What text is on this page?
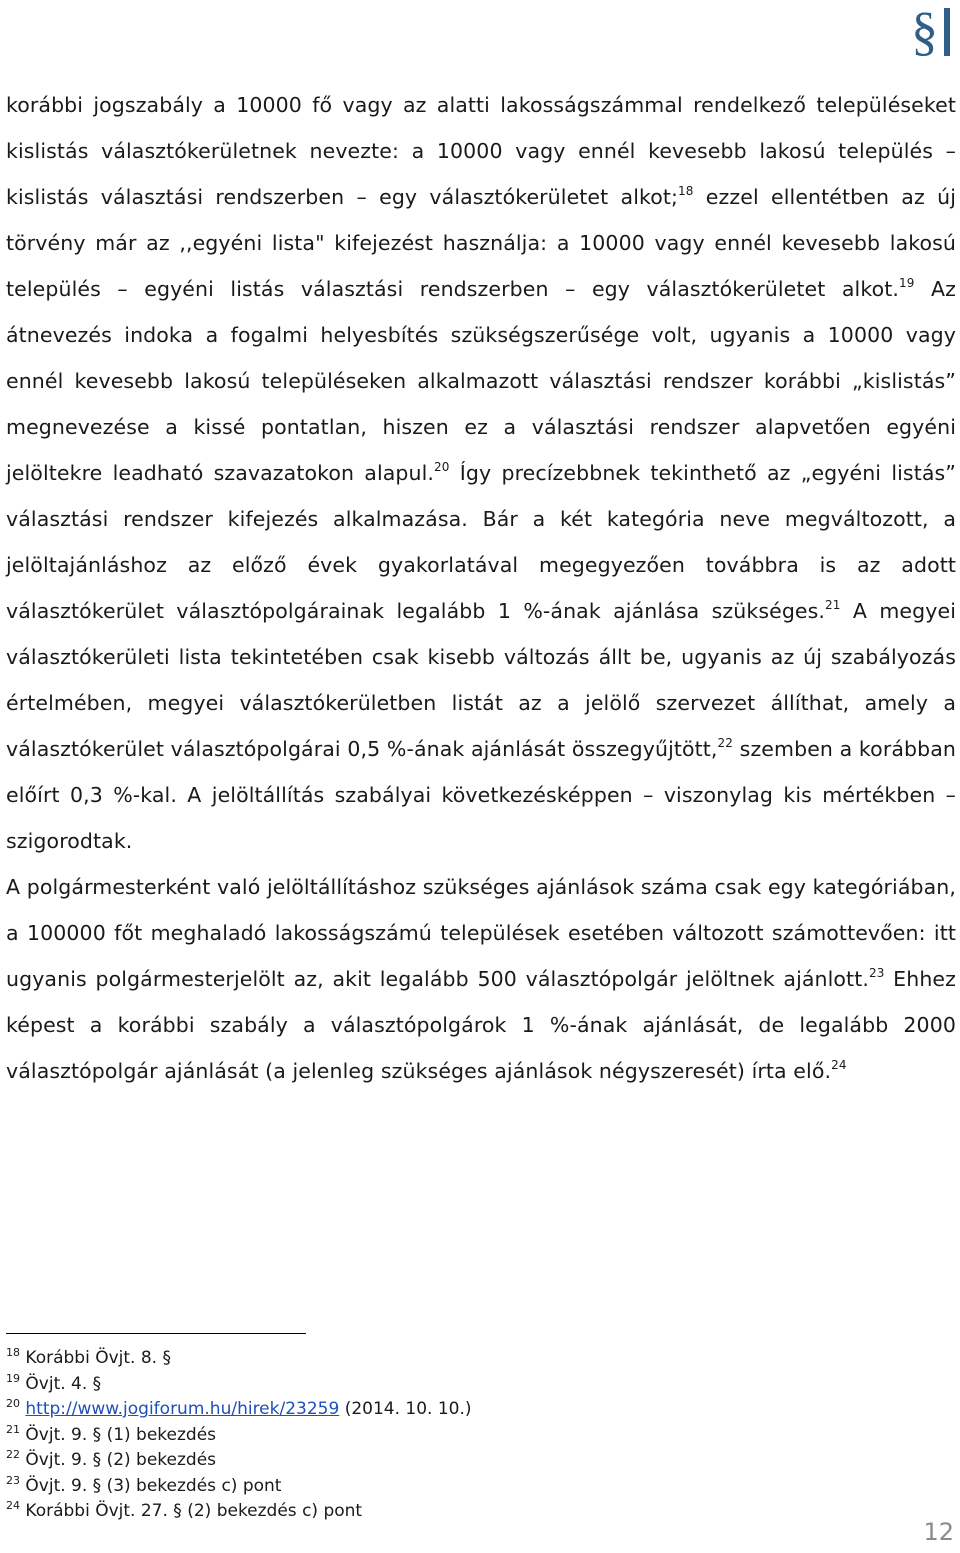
§

korábbi jogszabály a 10000 fő vagy az alatti lakosságszámmal rendelkező településeket kislistás választókerületnek nevezte: a 10000 vagy ennél kevesebb lakosú település – kislistás választási rendszerben – egy választókerületet alkot;$^{18}$ ezzel ellentétben az új törvény már az ,,egyéni lista" kifejezést használja: a 10000 vagy ennél kevesebb lakosú település – egyéni listás választási rendszerben – egy választókerületet alkot.$^{19}$ Az átnevezés indoka a fogalmi helyesbítés szükségszerűsége volt, ugyanis a 10000 vagy ennél kevesebb lakosú településeken alkalmazott választási rendszer korábbi „kislistás” megnevezése a kissé pontatlan, hiszen ez a választási rendszer alapvetően egyéni jelöltekre leadható szavazatokon alapul.$^{20}$ Így precízebbnek tekinthető az „egyéni listás” választási rendszer kifejezés alkalmazása. Bár a két kategória neve megváltozott, a jelöltajánláshoz az előző évek gyakorlatával megegyezően továbbra is az adott választókerület választópolgárainak legalább 1 %-ának ajánlása szükséges.$^{21}$ A megyei választókerületi lista tekintetében csak kisebb változás állt be, ugyanis az új szabályozás értelmében, megyei választókerületben listát az a jelölő szervezet állíthat, amely a választókerület választópolgárai 0,5 %-ának ajánlását összegyűjtött,$^{22}$ szemben a korábban előírt 0,3 %-kal. A jelöltállítás szabályai következésképpen – viszonylag kis mértékben – szigorodtak.

A polgármesterként való jelöltállításhoz szükséges ajánlások száma csak egy kategóriában, a 100000 főt meghaladó lakosságszámú települések esetében változott számottevően: itt ugyanis polgármesterjelölt az, akit legalább 500 választópolgár jelöltnek ajánlott.$^{23}$ Ehhez képest a korábbi szabály a választópolgárok 1 %-ának ajánlását, de legalább 2000 választópolgár ajánlását (a jelenleg szükséges ajánlások négyszeresét) írta elő.$^{24}$

$^{18}$ Korábbi Övjt. 8. §
$^{19}$ Övjt. 4. §
$^{20}$ http://www.jogiforum.hu/hirek/23259 (2014. 10. 10.)
$^{21}$ Övjt. 9. § (1) bekezdés
$^{22}$ Övjt. 9. § (2) bekezdés
$^{23}$ Övjt. 9. § (3) bekezdés c) pont
$^{24}$ Korábbi Övjt. 27. § (2) bekezdés c) pont
12
